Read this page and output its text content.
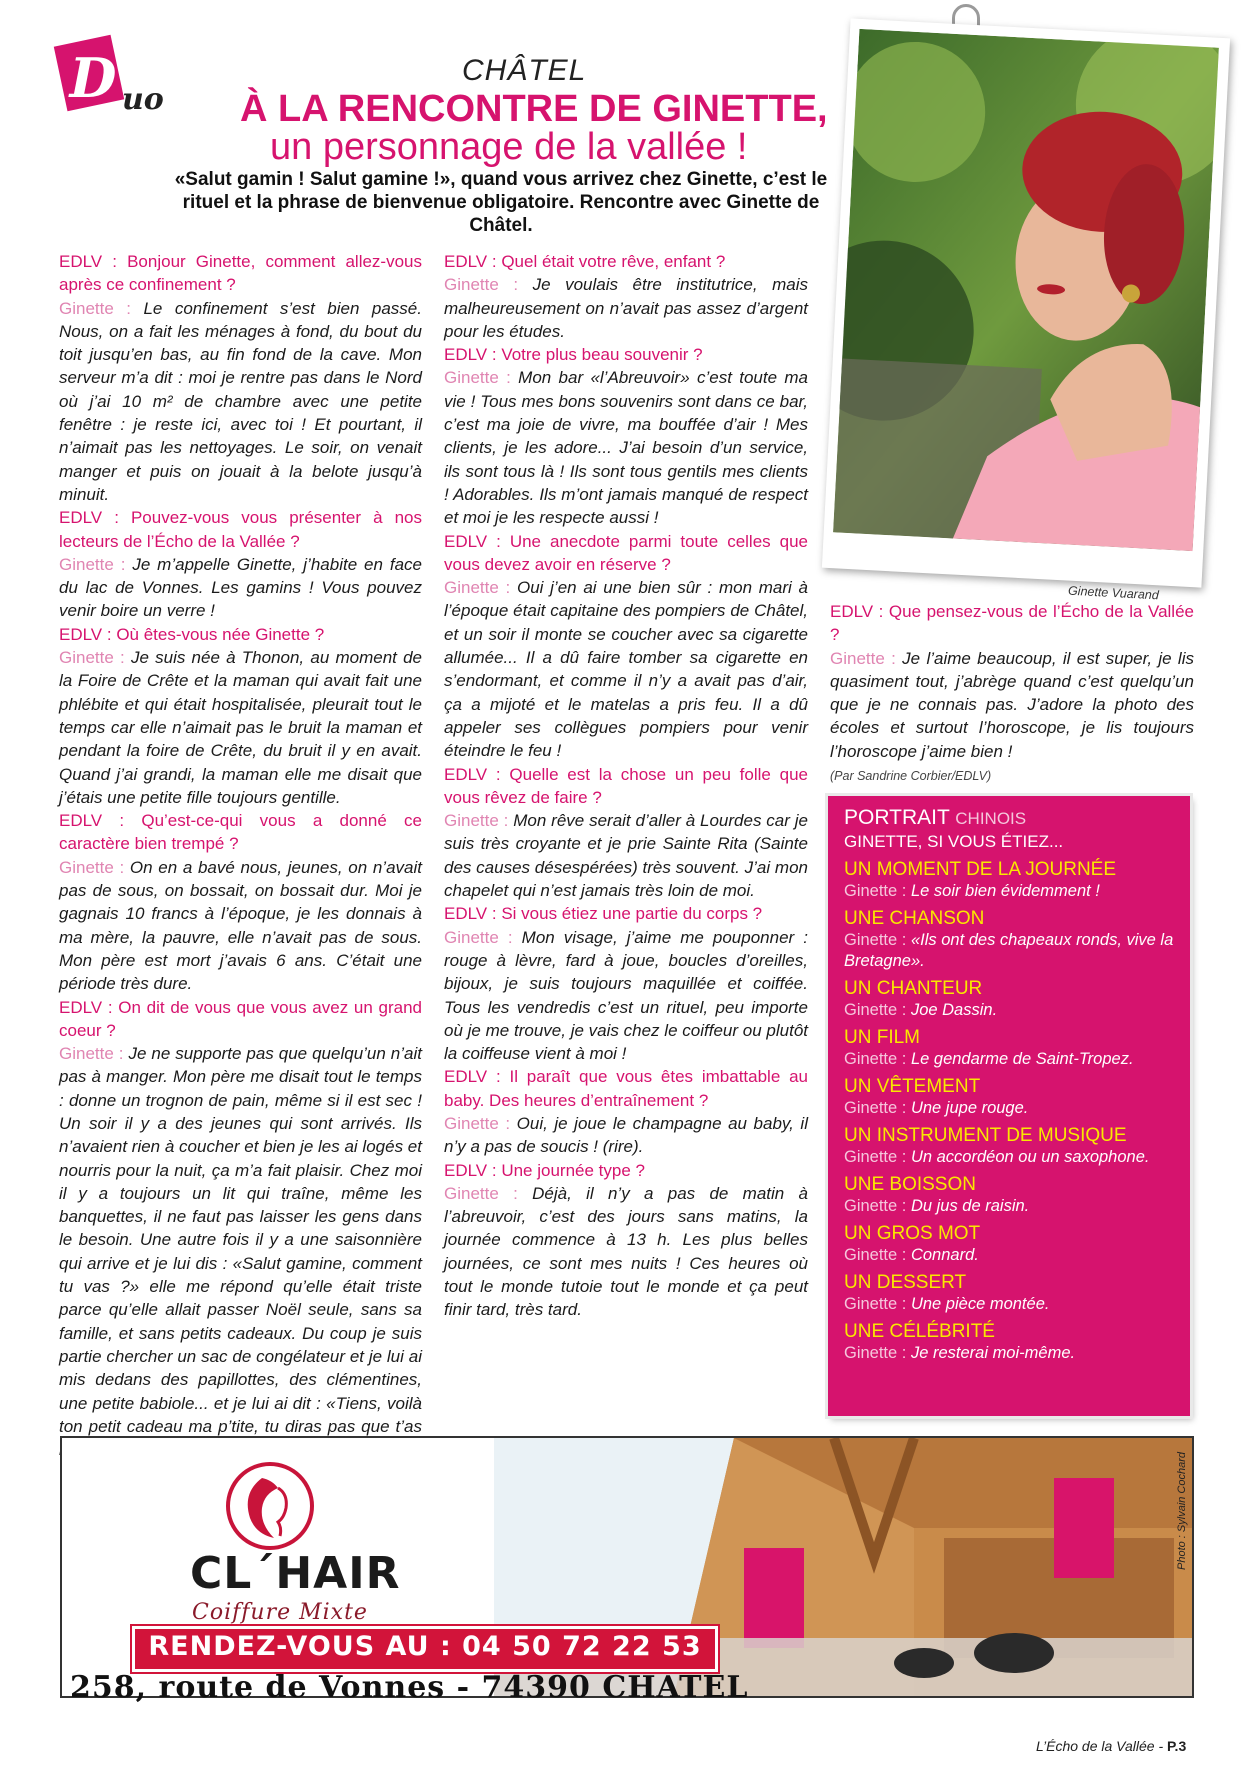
D uo
CHÂTEL
À LA RENCONTRE DE GINETTE,
un personnage de la vallée !
«Salut gamin ! Salut gamine !», quand vous arrivez chez Ginette, c’est le rituel et la phrase de bienvenue obligatoire. Rencontre avec Ginette de Châtel.
Ginette Vuarand

EDLV : Bonjour Ginette, comment allez-vous après ce confinement ?
Ginette : Le confinement s’est bien passé. Nous, on a fait les ménages à fond, du bout du toit jusqu’en bas, au fin fond de la cave. Mon serveur m’a dit : moi je rentre pas dans le Nord où j’ai 10 m² de chambre avec une petite fenêtre : je reste ici, avec toi ! Et pourtant, il n’aimait pas les nettoyages. Le soir, on venait manger et puis on jouait à la belote jusqu’à minuit.

EDLV : Pouvez-vous vous présenter à nos lecteurs de l’Écho de la Vallée ?
Ginette : Je m’appelle Ginette, j’habite en face du lac de Vonnes. Les gamins ! Vous pouvez venir boire un verre !

EDLV : Où êtes-vous née Ginette ?
Ginette : Je suis née à Thonon, au moment de la Foire de Crête et la maman qui avait fait une phlébite et qui était hospitalisée, pleurait tout le temps car elle n’aimait pas le bruit la maman et pendant la foire de Crête, du bruit il y en avait. Quand j’ai grandi, la maman elle me disait que j’étais une petite fille toujours gentille.

EDLV : Qu’est-ce-qui vous a donné ce caractère bien trempé ?
Ginette : On en a bavé nous, jeunes, on n’avait pas de sous, on bossait, on bossait dur. Moi je gagnais 10 francs à l’époque, je les donnais à ma mère, la pauvre, elle n’avait pas de sous. Mon père est mort j’avais 6 ans. C’était une période très dure.

EDLV : On dit de vous que vous avez un grand coeur ?
Ginette : Je ne supporte pas que quelqu’un n’ait pas à manger. Mon père me disait tout le temps : donne un trognon de pain, même si il est sec ! Un soir il y a des jeunes qui sont arrivés. Ils n’avaient rien à coucher et bien je les ai logés et nourris pour la nuit, ça m’a fait plaisir. Chez moi il y a toujours un lit qui traîne, même les banquettes, il ne faut pas laisser les gens dans le besoin. Une autre fois il y a une saisonnière qui arrive et je lui dis : «Salut gamine, comment tu vas ?» elle me répond qu’elle était triste parce qu’elle allait passer Noël seule, sans sa famille, et sans petits cadeaux. Du coup je suis partie chercher un sac de congélateur et je lui ai mis dedans des papillottes, des clémentines, une petite babiole... et je lui ai dit : «Tiens, voilà ton petit cadeau ma p’tite, tu diras pas que t’as

EDLV : Quel était votre rêve, enfant ?
Ginette : Je voulais être institutrice, mais malheureusement on n’avait pas assez d’argent pour les études.

EDLV : Votre plus beau souvenir ?
Ginette : Mon bar «l’Abreuvoir» c’est toute ma vie ! Tous mes bons souvenirs sont dans ce bar, c’est ma joie de vivre, ma bouffée d’air ! Mes clients, je les adore... J’ai besoin d’un service, ils sont tous là ! Ils sont tous gentils mes clients ! Adorables. Ils m’ont jamais manqué de respect et moi je les respecte aussi !

EDLV : Une anecdote parmi toute celles que vous devez avoir en réserve ?
Ginette : Oui j’en ai une bien sûr : mon mari à l’époque était capitaine des pompiers de Châtel, et un soir il monte se coucher avec sa cigarette allumée... Il a dû faire tomber sa cigarette en s’endormant, et comme il n’y a avait pas d’air, ça a mijoté et le matelas a pris feu. Il a dû appeler ses collègues pompiers pour venir éteindre le feu !

EDLV : Quelle est la chose un peu folle que vous rêvez de faire ?
Ginette : Mon rêve serait d’aller à Lourdes car je suis très croyante et je prie Sainte Rita (Sainte des causes désespérées) très souvent. J’ai mon chapelet qui n’est jamais très loin de moi.

EDLV : Si vous étiez une partie du corps ?
Ginette : Mon visage, j’aime me pouponner : rouge à lèvre, fard à joue, boucles d’oreilles, bijoux, je suis toujours maquillée et coiffée. Tous les vendredis c’est un rituel, peu importe où je me trouve, je vais chez le coiffeur ou plutôt la coiffeuse vient à moi !

EDLV : Il paraît que vous êtes imbattable au baby. Des heures d’entraînement ?
Ginette : Oui, je joue le champagne au baby, il n’y a pas de soucis ! (rire).

EDLV : Une journée type ?
Ginette : Déjà, il n’y a pas de matin à l’abreuvoir, c’est des jours sans matins, la journée commence à 13 h. Les plus belles journées, ce sont mes nuits ! Ces heures où tout le monde tutoie tout le monde et ça peut finir tard, très tard.

EDLV : Que pensez-vous de l’Écho de la Vallée ?
Ginette : Je l’aime beaucoup, il est super, je lis quasiment tout, j’abrège quand c’est quelqu’un que je ne connais pas. J’adore la photo des écoles et surtout l’horoscope, je lis toujours l’horoscope j’aime bien !

(Par Sandrine Corbier/EDLV)

PORTRAIT CHINOIS
GINETTE, SI VOUS ÉTIEZ...
UN MOMENT DE LA JOURNÉE
Ginette : Le soir bien évidemment !
UNE CHANSON
Ginette : «Ils ont des chapeaux ronds, vive la Bretagne».
UN CHANTEUR
Ginette : Joe Dassin.
UN FILM
Ginette : Le gendarme de Saint-Tropez.
UN VÊTEMENT
Ginette : Une jupe rouge.
UN INSTRUMENT DE MUSIQUE
Ginette : Un accordéon ou un saxophone.
UNE BOISSON
Ginette : Du jus de raisin.
UN GROS MOT
Ginette : Connard.
UN DESSERT
Ginette : Une pièce montée.
UNE CÉLÉBRITÉ
Ginette : Je resterai moi-même.
CL´HAIR
Coiffure Mixte
RENDEZ-VOUS AU : 04 50 72 22 53
258, route de Vonnes - 74390 CHATEL
Photo : Sylvain Cochard
L’Écho de la Vallée - P.3
